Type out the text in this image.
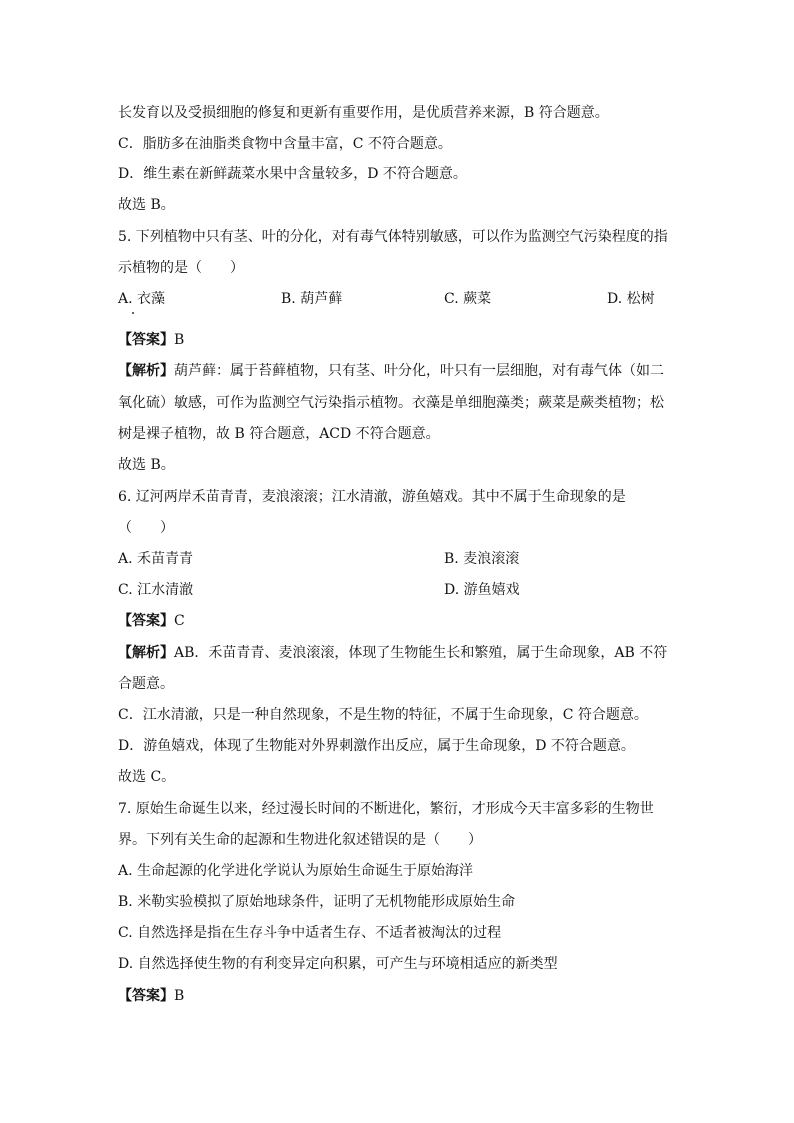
长发育以及受损细胞的修复和更新有重要作用，是优质营养来源，B 符合题意。
C．脂肪多在油脂类食物中含量丰富，C 不符合题意。
D．维生素在新鲜蔬菜水果中含量较多，D 不符合题意。
故选 B。
5. 下列植物中只有茎、叶的分化，对有毒气体特别敏感，可以作为监测空气污染程度的指
示植物的是（　　）
A. 衣藻	B. 葫芦藓	C. 蕨菜	D. 松树
【答案】B
【解析】葫芦藓：属于苔藓植物，只有茎、叶分化，叶只有一层细胞，对有毒气体（如二
氧化硫）敏感，可作为监测空气污染指示植物。衣藻是单细胞藻类；蕨菜是蕨类植物；松
树是裸子植物，故 B 符合题意，ACD 不符合题意。
故选 B。
6. 辽河两岸禾苗青青，麦浪滚滚；江水清澈，游鱼嬉戏。其中不属于生命现象的是
（　　）
A. 禾苗青青	B. 麦浪滚滚
C. 江水清澈	D. 游鱼嬉戏
【答案】C
【解析】AB．禾苗青青、麦浪滚滚，体现了生物能生长和繁殖，属于生命现象，AB 不符
合题意。
C．江水清澈，只是一种自然现象，不是生物的特征，不属于生命现象，C 符合题意。
D．游鱼嬉戏，体现了生物能对外界刺激作出反应，属于生命现象，D 不符合题意。
故选 C。
7. 原始生命诞生以来，经过漫长时间的不断进化，繁衍，才形成今天丰富多彩的生物世
界。下列有关生命的起源和生物进化叙述错误的是（　　）
A. 生命起源的化学进化学说认为原始生命诞生于原始海洋
B. 米勒实验模拟了原始地球条件，证明了无机物能形成原始生命
C. 自然选择是指在生存斗争中适者生存、不适者被淘汰的过程
D. 自然选择使生物的有利变异定向积累，可产生与环境相适应的新类型
【答案】B
